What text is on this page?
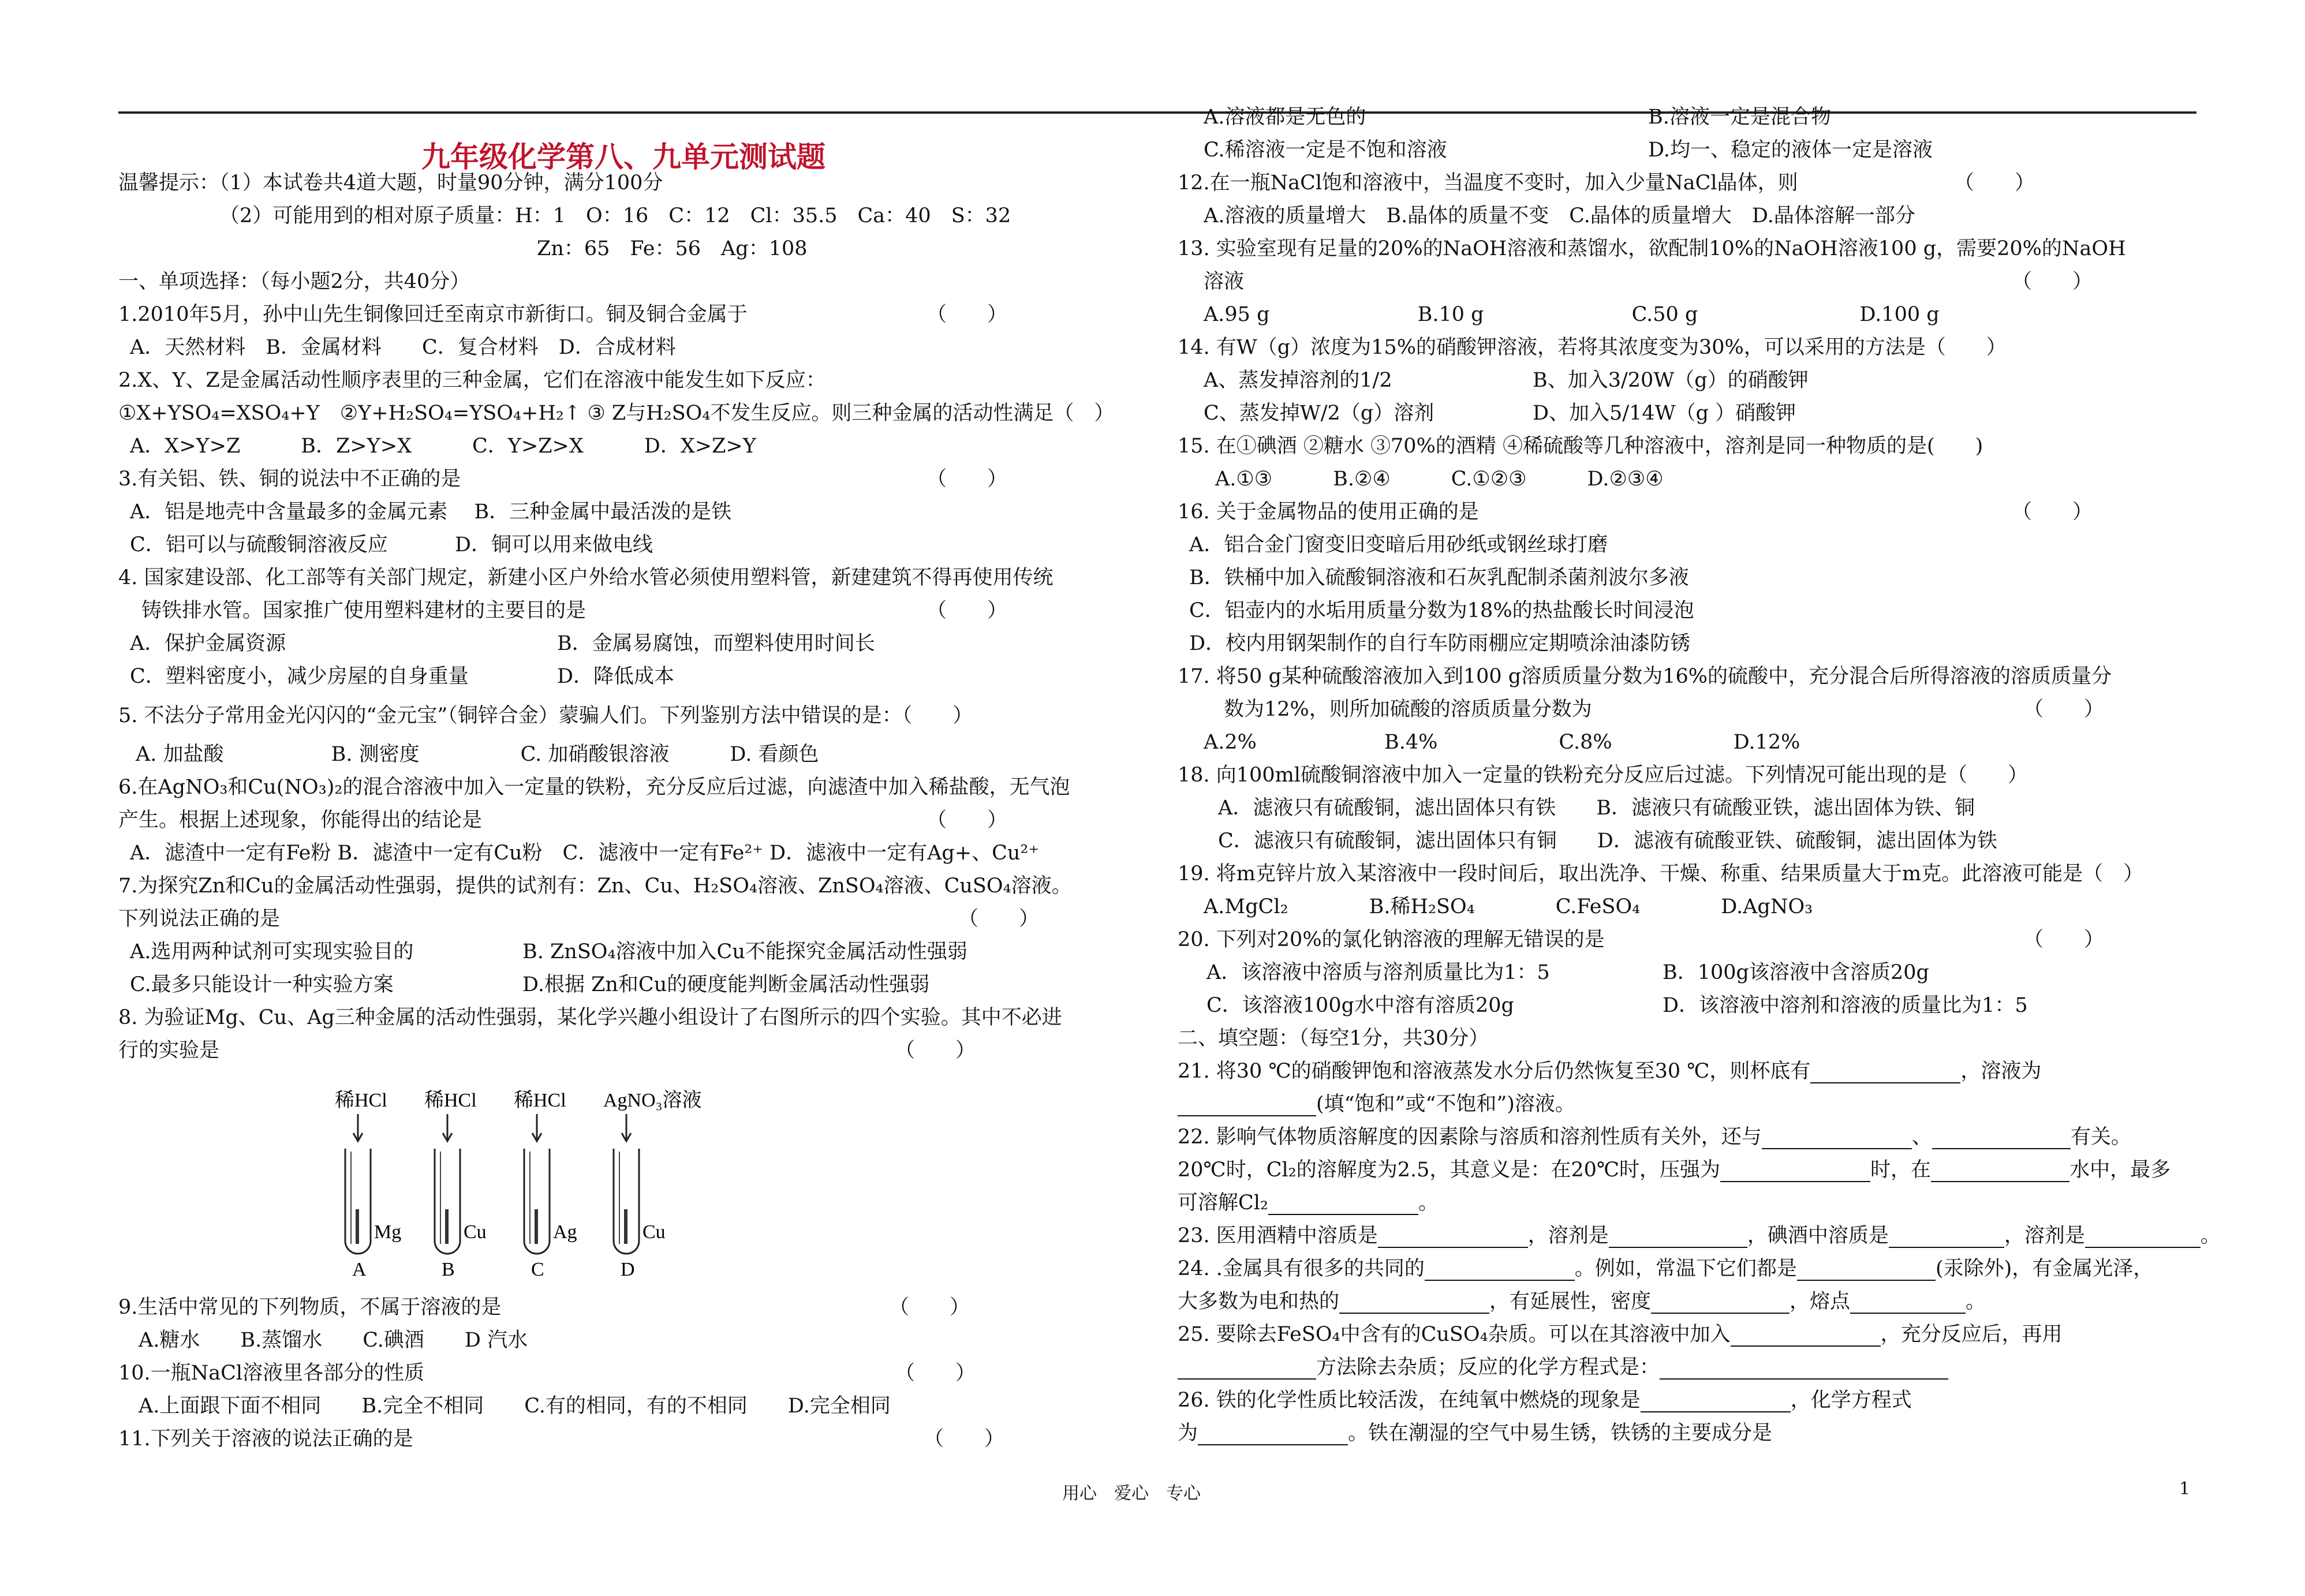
九年级化学第八、九单元测试题
稀HCl
Mg
A
稀HCl
Cu
B
稀HCl
Ag
C
AgNO₃溶液
Cu
D
用心　爱心　专心	1
温馨提示：（1）本试卷共4道大题，时量90分钟，满分100分
（2）可能用到的相对原子质量：H：1　O：16　C：12　Cl：35.5　Ca：40　S：32
Zn：65　Fe：56　Ag：108
一、单项选择：（每小题2分，共40分）
1.2010年5月，孙中山先生铜像回迁至南京市新街口。铜及铜合金属于	（　　）
A．天然材料　B．金属材料　　C．复合材料　D．合成材料
2.X、Y、Z是金属活动性顺序表里的三种金属，它们在溶液中能发生如下反应：
①X+YSO₄=XSO₄+Y　②Y+H₂SO₄=YSO₄+H₂↑ ③ Z与H₂SO₄不发生反应。则三种金属的活动性满足（　）
A．X>Y>Z　　　B．Z>Y>X　　　C．Y>Z>X　　　D．X>Z>Y
3.有关铝、铁、铜的说法中不正确的是	（　　）
A．铝是地壳中含量最多的金属元素　 B．三种金属中最活泼的是铁
C．铝可以与硫酸铜溶液反应　　　 D．铜可以用来做电线
4. 国家建设部、化工部等有关部门规定，新建小区户外给水管必须使用塑料管，新建建筑不得再使用传统
铸铁排水管。国家推广使用塑料建材的主要目的是	（　　）
A．保护金属资源	B．金属易腐蚀，而塑料使用时间长
C．塑料密度小，减少房屋的自身重量	D．降低成本
5. 不法分子常用金光闪闪的“金元宝”（铜锌合金）蒙骗人们。下列鉴别方法中错误的是：（　　）
A. 加盐酸　　　　　 B. 测密度　　　　　C. 加硝酸银溶液　　　D. 看颜色
6.在AgNO₃和Cu(NO₃)₂的混合溶液中加入一定量的铁粉，充分反应后过滤，向滤渣中加入稀盐酸，无气泡
产生。根据上述现象，你能得出的结论是	（　　）
A．滤渣中一定有Fe粉 B．滤渣中一定有Cu粉　C．滤液中一定有Fe²⁺ D．滤液中一定有Ag+、Cu²⁺
7.为探究Zn和Cu的金属活动性强弱，提供的试剂有：Zn、Cu、H₂SO₄溶液、ZnSO₄溶液、CuSO₄溶液。
下列说法正确的是	（　　）
A.选用两种试剂可实现实验目的	B. ZnSO₄溶液中加入Cu不能探究金属活动性强弱
C.最多只能设计一种实验方案	D.根据 Zn和Cu的硬度能判断金属活动性强弱
8. 为验证Mg、Cu、Ag三种金属的活动性强弱，某化学兴趣小组设计了右图所示的四个实验。其中不必进
行的实验是	（　　）
9.生活中常见的下列物质，不属于溶液的是	（　　）
A.糖水　　B.蒸馏水　　C.碘酒　　D 汽水
10.一瓶NaCl溶液里各部分的性质	（　　）
A.上面跟下面不相同　　B.完全不相同　　C.有的相同，有的不相同　　D.完全相同
11.下列关于溶液的说法正确的是	（　　）
A.溶液都是无色的	B.溶液一定是混合物
C.稀溶液一定是不饱和溶液	D.均一、稳定的液体一定是溶液
12.在一瓶NaCl饱和溶液中，当温度不变时，加入少量NaCl晶体，则	（　　）
A.溶液的质量增大　B.晶体的质量不变　C.晶体的质量增大　D.晶体溶解一部分
13. 实验室现有足量的20%的NaOH溶液和蒸馏水，欲配制10%的NaOH溶液100 g，需要20%的NaOH
溶液	（　　）
A.95 g　　　　　　　 B.10 g　　　　　　　 C.50 g　　　　　　　　D.100 g
14. 有W（g）浓度为15%的硝酸钾溶液，若将其浓度变为30%，可以采用的方法是（　　）
A、蒸发掉溶剂的1/2	B、加入3/20W（g）的硝酸钾
C、蒸发掉W/2（g）溶剂	D、加入5/14W（g ）硝酸钾
15. 在①碘酒 ②糖水 ③70%的酒精 ④稀硫酸等几种溶液中，溶剂是同一种物质的是(　　)
A.①③　　　B.②④　　　C.①②③　　　D.②③④
16. 关于金属物品的使用正确的是	（　　）
A．铝合金门窗变旧变暗后用砂纸或钢丝球打磨
B．铁桶中加入硫酸铜溶液和石灰乳配制杀菌剂波尔多液
C．铝壶内的水垢用质量分数为18%的热盐酸长时间浸泡
D．校内用钢架制作的自行车防雨棚应定期喷涂油漆防锈
17. 将50 g某种硫酸溶液加入到100 g溶质质量分数为16%的硫酸中，充分混合后所得溶液的溶质质量分
数为12%，则所加硫酸的溶质质量分数为	（　　）
A.2%　　　　　　 B.4%　　　　　　C.8%　　　　　　D.12%
18. 向100ml硫酸铜溶液中加入一定量的铁粉充分反应后过滤。下列情况可能出现的是（　　）
A．滤液只有硫酸铜，滤出固体只有铁　　B．滤液只有硫酸亚铁，滤出固体为铁、铜
C．滤液只有硫酸铜，滤出固体只有铜　　D．滤液有硫酸亚铁、硫酸铜，滤出固体为铁
19. 将m克锌片放入某溶液中一段时间后，取出洗净、干燥、称重、结果质量大于m克。此溶液可能是（　）
A.MgCl₂　　　　B.稀H₂SO₄　　　　C.FeSO₄　　　　D.AgNO₃
20. 下列对20%的氯化钠溶液的理解无错误的是	（　　）
A．该溶液中溶质与溶剂质量比为1：5	B．100g该溶液中含溶质20g
C．该溶液100g水中溶有溶质20g	D．该溶液中溶剂和溶液的质量比为1：5
二、填空题：（每空1分，共30分）
21. 将30 ℃的硝酸钾饱和溶液蒸发水分后仍然恢复至30 ℃，则杯底有	，溶液为
(填“饱和”或“不饱和”)溶液。
22. 影响气体物质溶解度的因素除与溶质和溶剂性质有关外，还与	、	有关。
20℃时，Cl₂的溶解度为2.5，其意义是：在20℃时，压强为	时，在	水中，最多
可溶解Cl₂	。
23. 医用酒精中溶质是	，溶剂是	，碘酒中溶质是	，溶剂是	。
24. .金属具有很多的共同的	。例如，常温下它们都是	(汞除外)，有金属光泽，
大多数为电和热的	，有延展性，密度	，熔点	。
25. 要除去FeSO₄中含有的CuSO₄杂质。可以在其溶液中加入	，充分反应后，再用
方法除去杂质；反应的化学方程式是：
26. 铁的化学性质比较活泼，在纯氧中燃烧的现象是	，化学方程式
为	。铁在潮湿的空气中易生锈，铁锈的主要成分是
